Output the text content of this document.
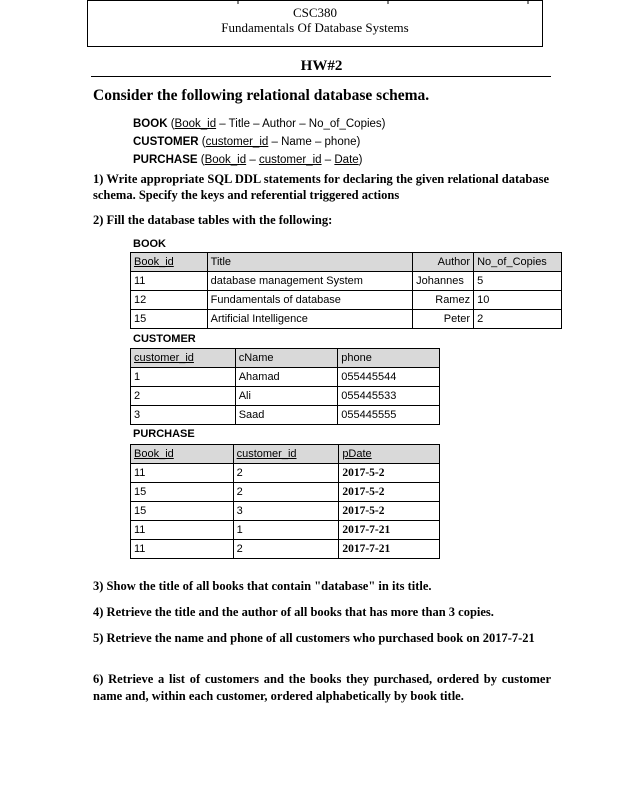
CSC380
Fundamentals Of Database Systems
HW#2
Consider the following relational database schema.
BOOK (Book_id – Title – Author – No_of_Copies)
CUSTOMER (customer_id – Name – phone)
PURCHASE (Book_id – customer_id – Date)
1) Write appropriate SQL DDL statements for declaring the given relational database schema. Specify the keys and referential triggered actions
2) Fill the database tables with the following:
BOOK
Book_id	Title	Author	No_of_Copies
11	database management System	Johannes	5
12	Fundamentals of database	Ramez	10
15	Artificial Intelligence	Peter	2
CUSTOMER
customer_id	cName	phone
1	Ahamad	055445544
2	Ali	055445533
3	Saad	055445555
PURCHASE
Book_id	customer_id	pDate
11	2	2017-5-2
15	2	2017-5-2
15	3	2017-5-2
11	1	2017-7-21
11	2	2017-7-21
3) Show the title of all books that contain "database" in its title.
4) Retrieve the title and the author of all books that has more than 3 copies.
5) Retrieve the name and phone of all customers who purchased book on 2017-7-21
6) Retrieve a list of customers and the books they purchased, ordered by customer name and, within each customer, ordered alphabetically by book title.
